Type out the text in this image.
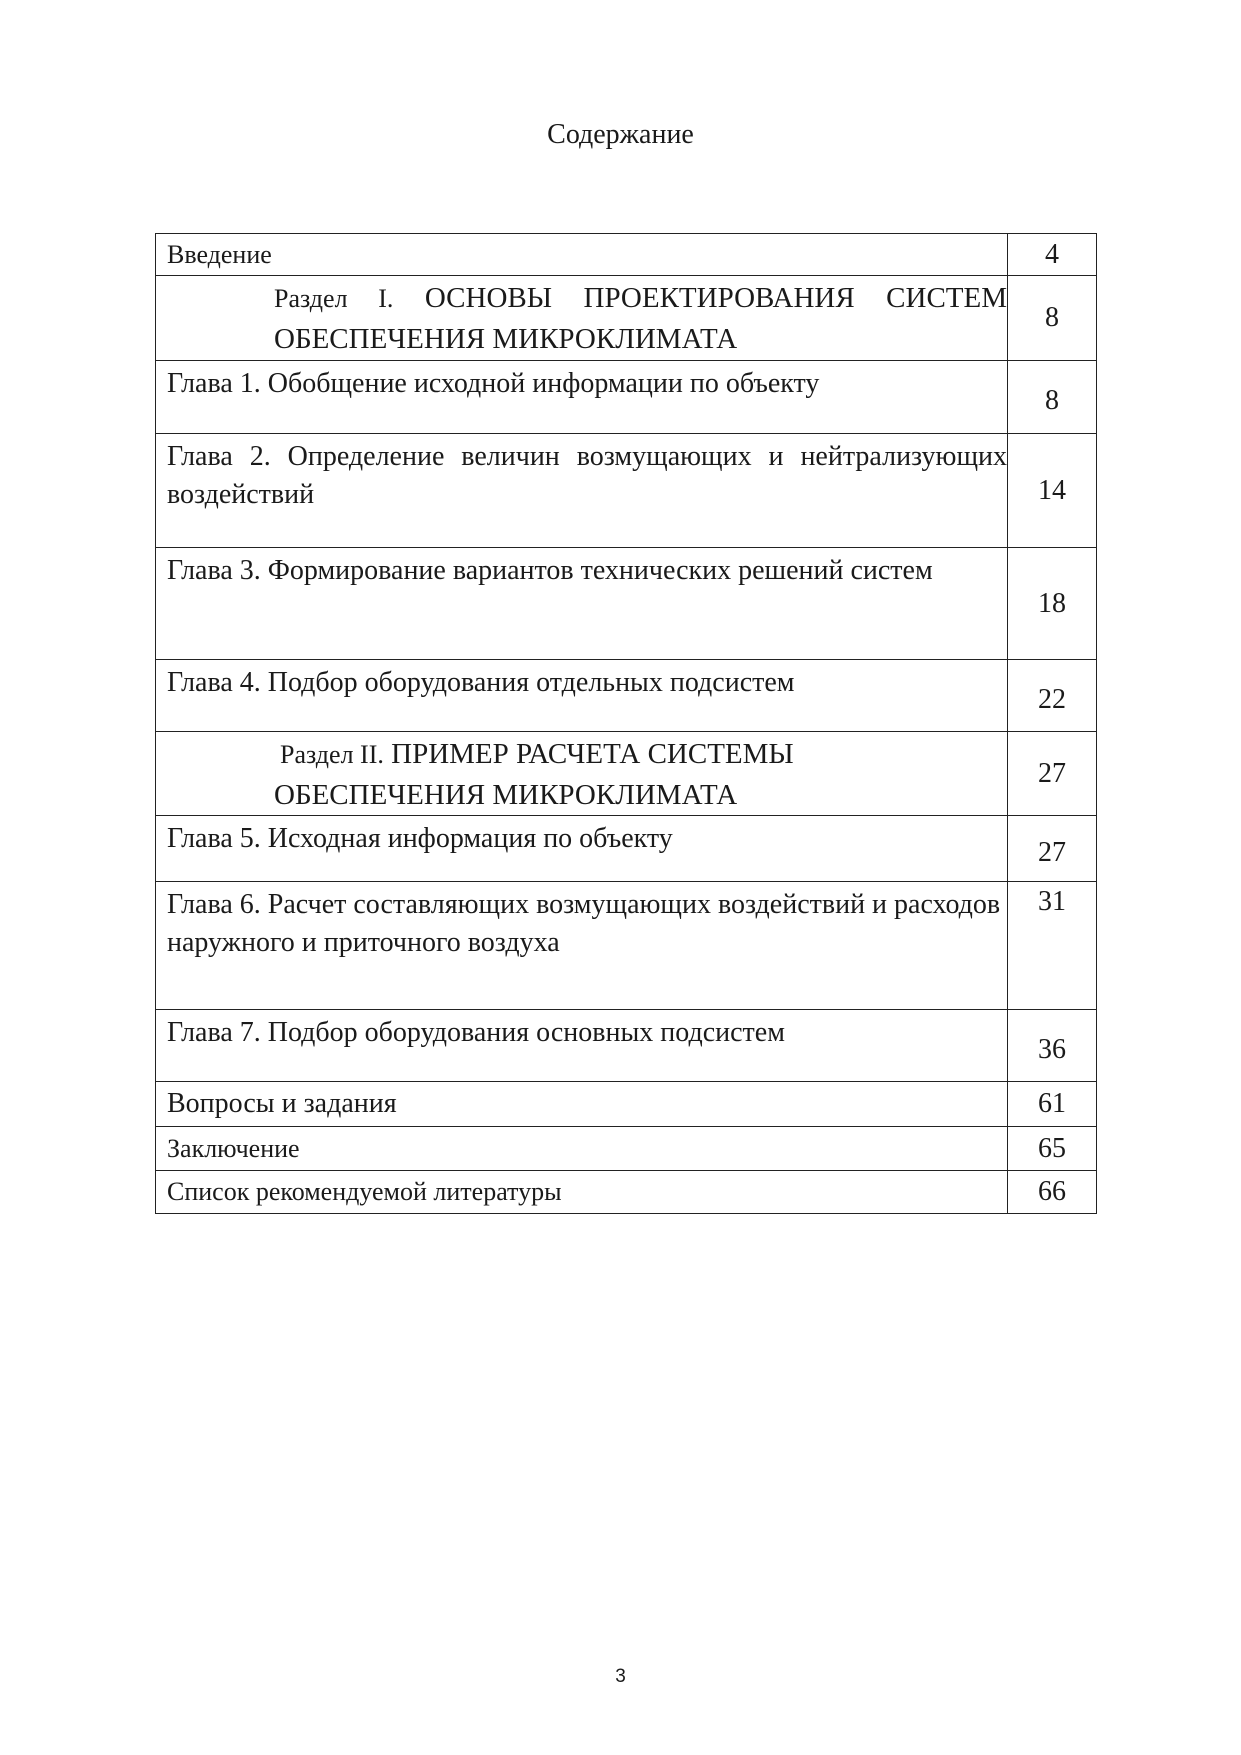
Содержание
Введение	4
Раздел I. ОСНОВЫ ПРОЕКТИРОВАНИЯ СИСТЕМ ОБЕСПЕЧЕНИЯ МИКРОКЛИМАТА	8
Глава 1. Обобщение исходной информации по объекту	8
Глава 2. Определение величин возмущающих и нейтрализующих воздействий	14
Глава 3. Формирование вариантов технических решений систем	18
Глава 4. Подбор оборудования отдельных подсистем	22
Раздел II. ПРИМЕР РАСЧЕТА СИСТЕМЫ ОБЕСПЕЧЕНИЯ МИКРОКЛИМАТА	27
Глава 5. Исходная информация по объекту	27
Глава 6. Расчет составляющих возмущающих воздействий и расходов наружного и приточного воздуха	31
Глава 7. Подбор оборудования основных подсистем	36
Вопросы и задания	61
Заключение	65
Список рекомендуемой литературы	66
3
